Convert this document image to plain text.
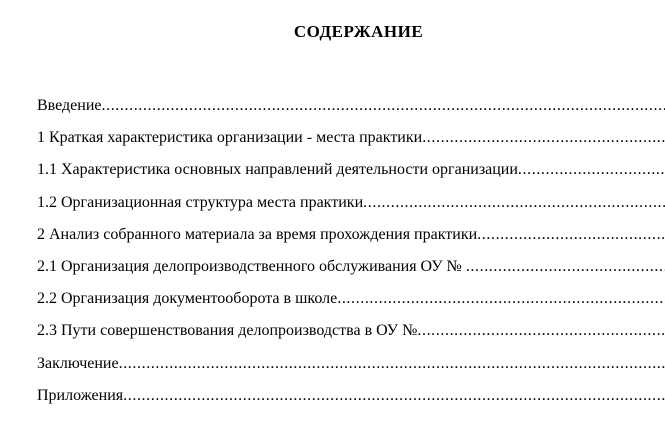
СОДЕРЖАНИЕ
Введение
.....
1 Краткая характеристика организации - места практики
.....
1.1 Характеристика основных направлений деятельности организации
.....
1.2 Организационная структура места практики
.....
2 Анализ собранного материала за время прохождения практики
.....
2.1 Организация делопроизводственного обслуживания ОУ №
.....
2.2 Организация документооборота в школе
.....
2.3 Пути совершенствования делопроизводства в ОУ №
.....
Заключение
.....
Приложения
.....
